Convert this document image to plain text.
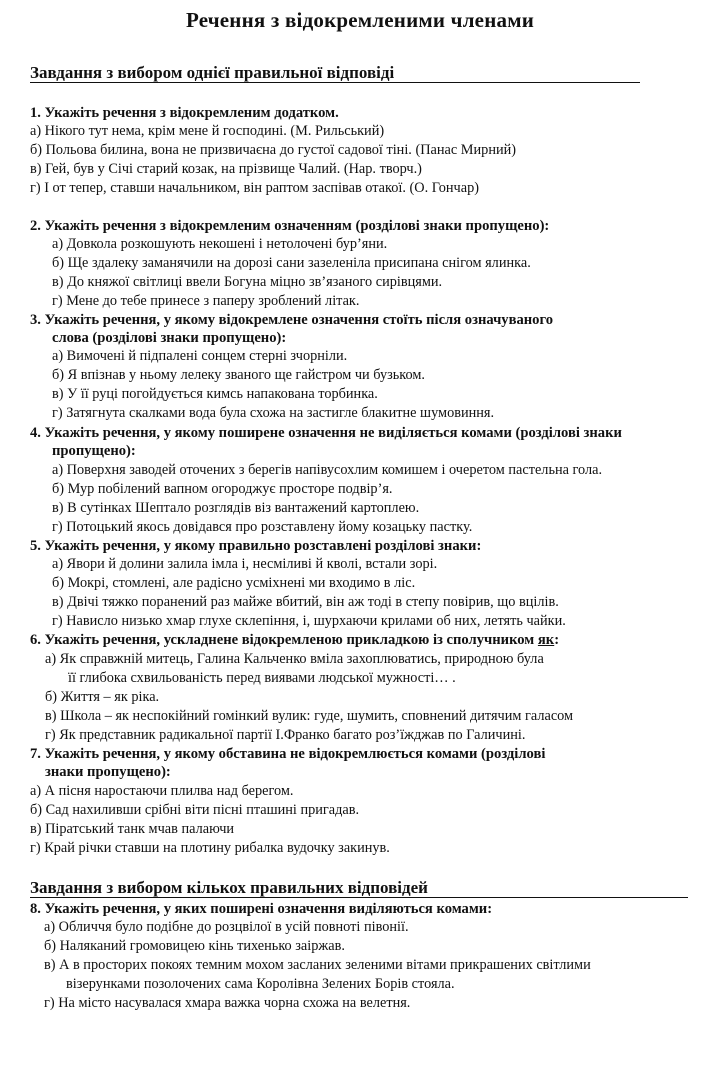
Речення з відокремленими членами
Завдання з вибором однієї правильної відповіді
1. Укажіть речення з відокремленим додатком.
а) Нікого тут нема, крім мене й господині. (М. Рильський)
б) Польова билина, вона не призвичаєна до густої садової тіні. (Панас Мирний)
в) Гей, був у Січі старий козак, на прізвище Чалий. (Нар. творч.)
г) І от тепер, ставши начальником, він раптом заспівав отакої. (О. Гончар)
2. Укажіть речення з відокремленим означенням (розділові знаки пропущено):
а) Довкола розкошують некошені і нетолочені бур’яни.
б) Ще здалеку заманячили на дорозі сани зазеленіла присипана снігом ялинка.
в) До княжої світлиці ввели Богуна міцно зв’язаного сирівцями.
г) Мене до тебе принесе з паперу зроблений літак.
3. Укажіть речення, у якому відокремлене означення стоїть після означуваного
слова (розділові знаки пропущено):
а) Вимочені й підпалені сонцем стерні зчорніли.
б) Я впізнав у ньому лелеку званого ще гайстром чи бузьком.
в) У її руці погойдується кимсь напакована торбинка.
г) Затягнута скалками вода була схожа на застигле блакитне шумовиння.
4. Укажіть речення, у якому поширене означення не виділяється комами (розділові знаки
пропущено):
а) Поверхня заводей оточених з берегів напівусохлим комишем і очеретом пастельна гола.
б) Мур побілений вапном огороджує просторе подвір’я.
в) В сутінках Шептало розглядів віз вантажений картоплею.
г) Потоцький якось довідався про розставлену йому козацьку пастку.
5. Укажіть речення, у якому правильно розставлені розділові знаки:
а) Явори й долини залила імла і, несміливі й кволі, встали зорі.
б) Мокрі, стомлені, але радісно усміхнені ми входимо в ліс.
в) Двічі тяжко поранений раз майже вбитий, він аж тоді в степу повірив, що вцілів.
г) Нависло низько хмар глухе склепіння, і, шурхаючи крилами об них, летять чайки.
6. Укажіть речення, ускладнене відокремленою прикладкою із сполучником як:
а) Як справжній митець, Галина Кальченко вміла захоплюватись, природною була
її глибока схвильованість перед виявами людської мужності… .
б) Життя – як ріка.
в) Школа – як неспокійний гомінкий вулик: гуде, шумить, сповнений дитячим галасом
г) Як представник радикальної партії І.Франко багато роз’їжджав по Галичині.
7. Укажіть речення, у якому обставина не відокремлюється комами (розділові
знаки пропущено):
а) А пісня наростаючи плилва над берегом.
б) Сад нахиливши срібні віти пісні пташині пригадав.
в) Піратський танк мчав палаючи
г) Край річки ставши на плотину рибалка вудочку закинув.
Завдання з вибором кількох правильних відповідей
8. Укажіть речення, у яких поширені означення виділяються комами:
а) Обличчя було подібне до розцвілої в усій повноті півонії.
б) Наляканий громовицею кінь тихенько заіржав.
в) А в просторих покоях темним мохом засланих зеленими вітами прикрашених світлими
візерунками позолочених сама Королівна Зелених Борів стояла.
г) На місто насувалася хмара важка чорна схожа на велетня.
